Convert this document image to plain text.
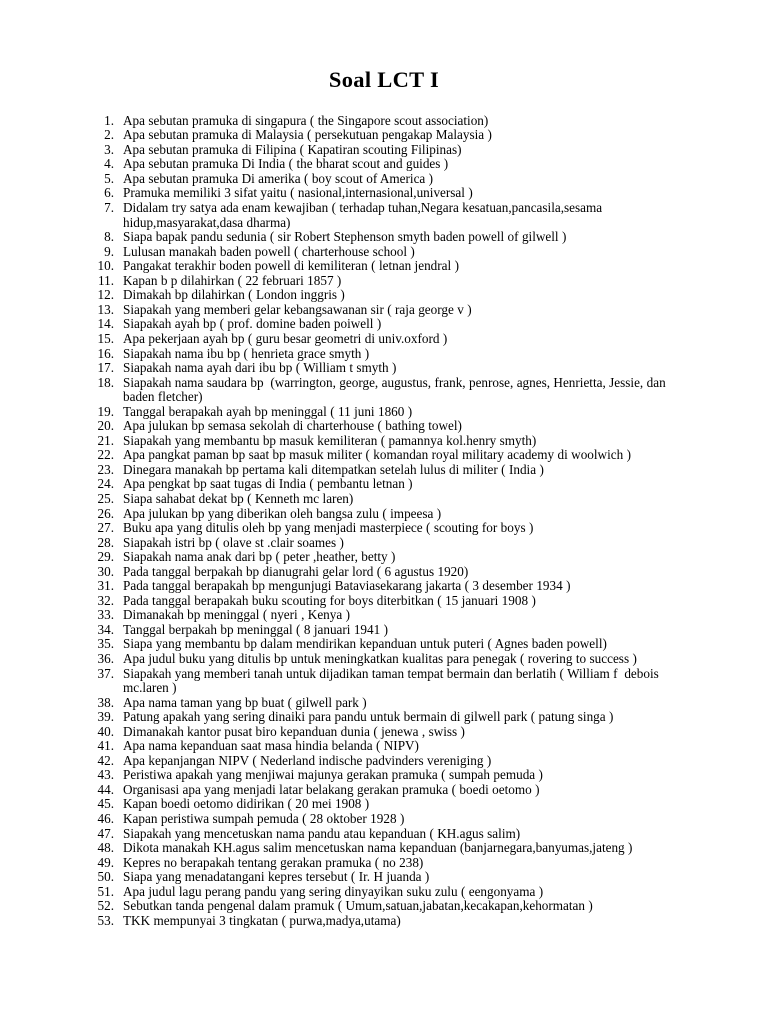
Soal LCT I
1. Apa sebutan pramuka di singapura ( the Singapore scout association)
2. Apa sebutan pramuka di Malaysia ( persekutuan pengakap Malaysia )
3. Apa sebutan pramuka di Filipina ( Kapatiran scouting Filipinas)
4. Apa sebutan pramuka Di India ( the bharat scout and guides )
5. Apa sebutan pramuka Di amerika ( boy scout of America )
6. Pramuka memiliki 3 sifat yaitu ( nasional,internasional,universal )
7. Didalam try satya ada enam kewajiban ( terhadap tuhan,Negara kesatuan,pancasila,sesama hidup,masyarakat,dasa dharma)
8. Siapa bapak pandu sedunia ( sir Robert Stephenson smyth baden powell of gilwell )
9. Lulusan manakah baden powell ( charterhouse school )
10. Pangakat terakhir boden powell di kemiliteran ( letnan jendral )
11. Kapan b p dilahirkan ( 22 februari 1857 )
12. Dimakah bp dilahirkan ( London inggris )
13. Siapakah yang memberi gelar kebangsawanan sir ( raja george v )
14. Siapakah ayah bp ( prof. domine baden poiwell )
15. Apa pekerjaan ayah bp ( guru besar geometri di univ.oxford )
16. Siapakah nama ibu bp ( henrieta grace smyth )
17. Siapakah nama ayah dari ibu bp ( William t smyth )
18. Siapakah nama saudara bp  (warrington, george, augustus, frank, penrose, agnes, Henrietta, Jessie, dan baden fletcher)
19. Tanggal berapakah ayah bp meninggal ( 11 juni 1860 )
20. Apa julukan bp semasa sekolah di charterhouse ( bathing towel)
21. Siapakah yang membantu bp masuk kemiliteran ( pamannya kol.henry smyth)
22. Apa pangkat paman bp saat bp masuk militer ( komandan royal military academy di woolwich )
23. Dinegara manakah bp pertama kali ditempatkan setelah lulus di militer ( India )
24. Apa pengkat bp saat tugas di India ( pembantu letnan )
25. Siapa sahabat dekat bp ( Kenneth mc laren)
26. Apa julukan bp yang diberikan oleh bangsa zulu ( impeesa )
27. Buku apa yang ditulis oleh bp yang menjadi masterpiece ( scouting for boys )
28. Siapakah istri bp ( olave st .clair soames )
29. Siapakah nama anak dari bp ( peter ,heather, betty )
30. Pada tanggal berpakah bp dianugrahi gelar lord ( 6 agustus 1920)
31. Pada tanggal berapakah bp mengunjugi Bataviasekarang jakarta ( 3 desember 1934 )
32. Pada tanggal berapakah buku scouting for boys diterbitkan ( 15 januari 1908 )
33. Dimanakah bp meninggal ( nyeri , Kenya )
34. Tanggal berpakah bp meninggal ( 8 januari 1941 )
35. Siapa yang membantu bp dalam mendirikan kepanduan untuk puteri ( Agnes baden powell)
36. Apa judul buku yang ditulis bp untuk meningkatkan kualitas para penegak ( rovering to success )
37. Siapakah yang memberi tanah untuk dijadikan taman tempat bermain dan berlatih ( William f  debois mc.laren )
38. Apa nama taman yang bp buat ( gilwell park )
39. Patung apakah yang sering dinaiki para pandu untuk bermain di gilwell park ( patung singa )
40. Dimanakah kantor pusat biro kepanduan dunia ( jenewa , swiss )
41. Apa nama kepanduan saat masa hindia belanda ( NIPV)
42. Apa kepanjangan NIPV ( Nederland indische padvinders vereniging )
43. Peristiwa apakah yang menjiwai majunya gerakan pramuka ( sumpah pemuda )
44. Organisasi apa yang menjadi latar belakang gerakan pramuka ( boedi oetomo )
45. Kapan boedi oetomo didirikan ( 20 mei 1908 )
46. Kapan peristiwa sumpah pemuda ( 28 oktober 1928 )
47. Siapakah yang mencetuskan nama pandu atau kepanduan ( KH.agus salim)
48. Dikota manakah KH.agus salim mencetuskan nama kepanduan (banjarnegara,banyumas,jateng )
49. Kepres no berapakah tentang gerakan pramuka ( no 238)
50. Siapa yang menadatangani kepres tersebut ( Ir. H juanda )
51. Apa judul lagu perang pandu yang sering dinyayikan suku zulu ( eengonyama )
52. Sebutkan tanda pengenal dalam pramuk ( Umum,satuan,jabatan,kecakapan,kehormatan )
53. TKK mempunyai 3 tingkatan ( purwa,madya,utama)
